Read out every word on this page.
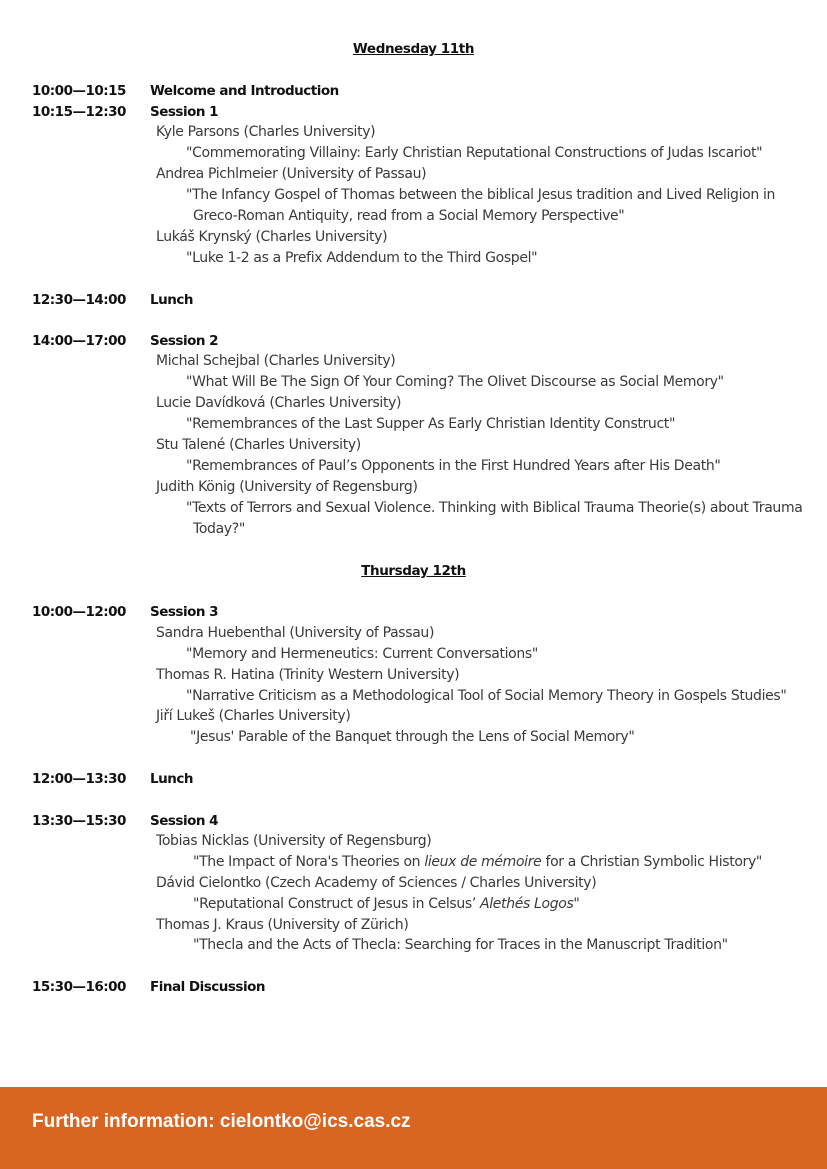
Wednesday 11th
10:00—10:15 Welcome and Introduction
10:15—12:30 Session 1
Kyle Parsons (Charles University)
"Commemorating Villainy: Early Christian Reputational Constructions of Judas Iscariot"
Andrea Pichlmeier (University of Passau)
"The Infancy Gospel of Thomas between the biblical Jesus tradition and Lived Religion in
Greco-Roman Antiquity, read from a Social Memory Perspective"
Lukáš Krynský (Charles University)
"Luke 1-2 as a Prefix Addendum to the Third Gospel"
12:30—14:00 Lunch
14:00—17:00 Session 2
Michal Schejbal (Charles University)
"What Will Be The Sign Of Your Coming? The Olivet Discourse as Social Memory"
Lucie Davídková (Charles University)
"Remembrances of the Last Supper As Early Christian Identity Construct"
Stu Talené (Charles University)
"Remembrances of Paul’s Opponents in the First Hundred Years after His Death"
Judith König (University of Regensburg)
"Texts of Terrors and Sexual Violence. Thinking with Biblical Trauma Theorie(s) about Trauma
Today?"
Thursday 12th
10:00—12:00 Session 3
Sandra Huebenthal (University of Passau)
"Memory and Hermeneutics: Current Conversations"
Thomas R. Hatina (Trinity Western University)
"Narrative Criticism as a Methodological Tool of Social Memory Theory in Gospels Studies"
Jiří Lukeš (Charles University)
"Jesus' Parable of the Banquet through the Lens of Social Memory"
12:00—13:30 Lunch
13:30—15:30 Session 4
Tobias Nicklas (University of Regensburg)
"The Impact of Nora's Theories on lieux de mémoire for a Christian Symbolic History"
Dávid Cielontko (Czech Academy of Sciences / Charles University)
"Reputational Construct of Jesus in Celsus’ Alethés Logos"
Thomas J. Kraus (University of Zürich)
"Thecla and the Acts of Thecla: Searching for Traces in the Manuscript Tradition"
15:30—16:00 Final Discussion
Further information: cielontko@ics.cas.cz
